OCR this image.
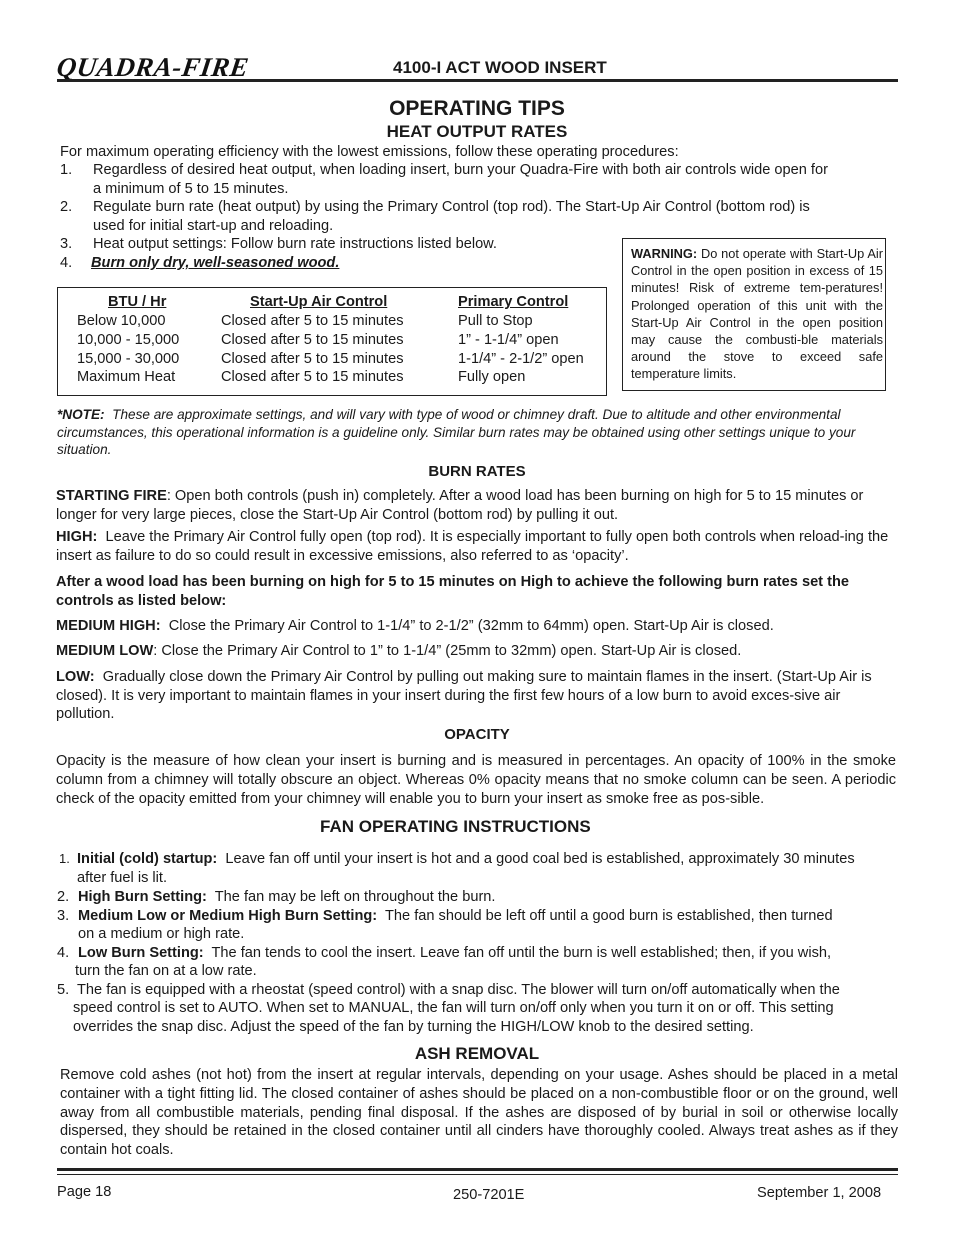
QUADRA-FIRE	4100-I ACT WOOD INSERT
OPERATING TIPS
HEAT OUTPUT RATES
For maximum operating efficiency with the lowest emissions, follow these operating procedures:
1. Regardless of desired heat output, when loading insert, burn your Quadra-Fire with both air controls wide open for
a minimum of 5 to 15 minutes.
2. Regulate burn rate (heat output) by using the Primary Control (top rod). The Start-Up Air Control (bottom rod) is
used for initial start-up and reloading.
3. Heat output settings: Follow burn rate instructions listed below.
4. Burn only dry, well-seasoned wood.
WARNING: Do not operate with Start-Up Air Control in the open position in excess of 15 minutes! Risk of extreme tem-peratures! Prolonged operation of this unit with the Start-Up Air Control in the open position may cause the combusti-ble materials around the stove to exceed safe temperature limits.
BTU / Hr	Start-Up Air Control	Primary Control
Below 10,000	Closed after 5 to 15 minutes	Pull to Stop
10,000 - 15,000	Closed after 5 to 15 minutes	1” - 1-1/4” open
15,000 - 30,000	Closed after 5 to 15 minutes	1-1/4” - 2-1/2” open
Maximum Heat	Closed after 5 to 15 minutes	Fully open
*NOTE: These are approximate settings, and will vary with type of wood or chimney draft. Due to altitude and other environmental circumstances, this operational information is a guideline only. Similar burn rates may be obtained using other settings unique to your situation.
BURN RATES
STARTING FIRE: Open both controls (push in) completely. After a wood load has been burning on high for 5 to 15 minutes or longer for very large pieces, close the Start-Up Air Control (bottom rod) by pulling it out.
HIGH: Leave the Primary Air Control fully open (top rod). It is especially important to fully open both controls when reload-ing the insert as failure to do so could result in excessive emissions, also referred to as ‘opacity’.
After a wood load has been burning on high for 5 to 15 minutes on High to achieve the following burn rates set the controls as listed below:
MEDIUM HIGH: Close the Primary Air Control to 1-1/4” to 2-1/2” (32mm to 64mm) open. Start-Up Air is closed.
MEDIUM LOW: Close the Primary Air Control to 1” to 1-1/4” (25mm to 32mm) open. Start-Up Air is closed.
LOW: Gradually close down the Primary Air Control by pulling out making sure to maintain flames in the insert. (Start-Up Air is closed). It is very important to maintain flames in your insert during the first few hours of a low burn to avoid exces-sive air pollution.
OPACITY
Opacity is the measure of how clean your insert is burning and is measured in percentages. An opacity of 100% in the smoke column from a chimney will totally obscure an object. Whereas 0% opacity means that no smoke column can be seen. A periodic check of the opacity emitted from your chimney will enable you to burn your insert as smoke free as pos-sible.
FAN OPERATING INSTRUCTIONS
1. Initial (cold) startup: Leave fan off until your insert is hot and a good coal bed is established, approximately 30 minutes
after fuel is lit.
2. High Burn Setting: The fan may be left on throughout the burn.
3. Medium Low or Medium High Burn Setting: The fan should be left off until a good burn is established, then turned
on a medium or high rate.
4. Low Burn Setting: The fan tends to cool the insert. Leave fan off until the burn is well established; then, if you wish,
turn the fan on at a low rate.
5. The fan is equipped with a rheostat (speed control) with a snap disc. The blower will turn on/off automatically when the
speed control is set to AUTO. When set to MANUAL, the fan will turn on/off only when you turn it on or off. This setting
overrides the snap disc. Adjust the speed of the fan by turning the HIGH/LOW knob to the desired setting.
ASH REMOVAL
Remove cold ashes (not hot) from the insert at regular intervals, depending on your usage. Ashes should be placed in a metal container with a tight fitting lid. The closed container of ashes should be placed on a non-combustible floor or on the ground, well away from all combustible materials, pending final disposal. If the ashes are disposed of by burial in soil or otherwise locally dispersed, they should be retained in the closed container until all cinders have thoroughly cooled. Always treat ashes as if they contain hot coals.
Page 18	250-7201E	September 1, 2008
